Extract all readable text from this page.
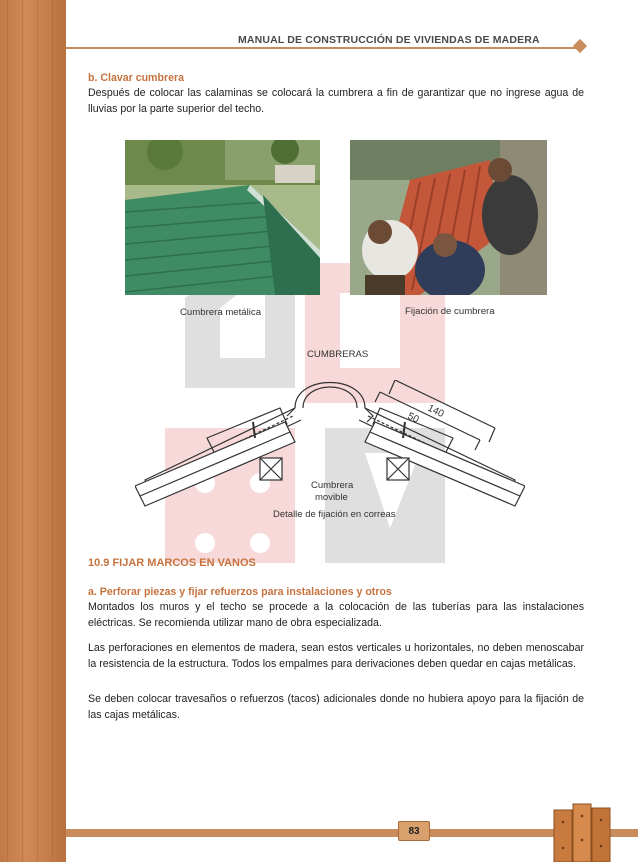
MANUAL DE CONSTRUCCIÓN DE VIVIENDAS DE MADERA
b. Clavar cumbrera
Después de colocar las calaminas se colocará la cumbrera a fin de garantizar que no ingrese agua de lluvias por la parte superior del techo.
Cumbrera metálica	Fijación de cumbrera
CUMBRERAS
140
50
Cumbrera
movible
Detalle de fijación en correas
10.9 FIJAR MARCOS EN VANOS
a. Perforar piezas y fijar refuerzos para instalaciones y otros
Montados los muros y el techo se procede a la colocación de las tuberías para las instalaciones eléctricas. Se recomienda utilizar mano de obra especializada.
Las perforaciones en elementos de madera, sean estos verticales u horizontales, no deben menoscabar la resistencia de la estructura. Todos los empalmes para derivaciones deben quedar en cajas metálicas.
Se deben colocar travesaños o refuerzos (tacos) adicionales donde no hubiera apoyo para la fijación de las cajas metálicas.
83
